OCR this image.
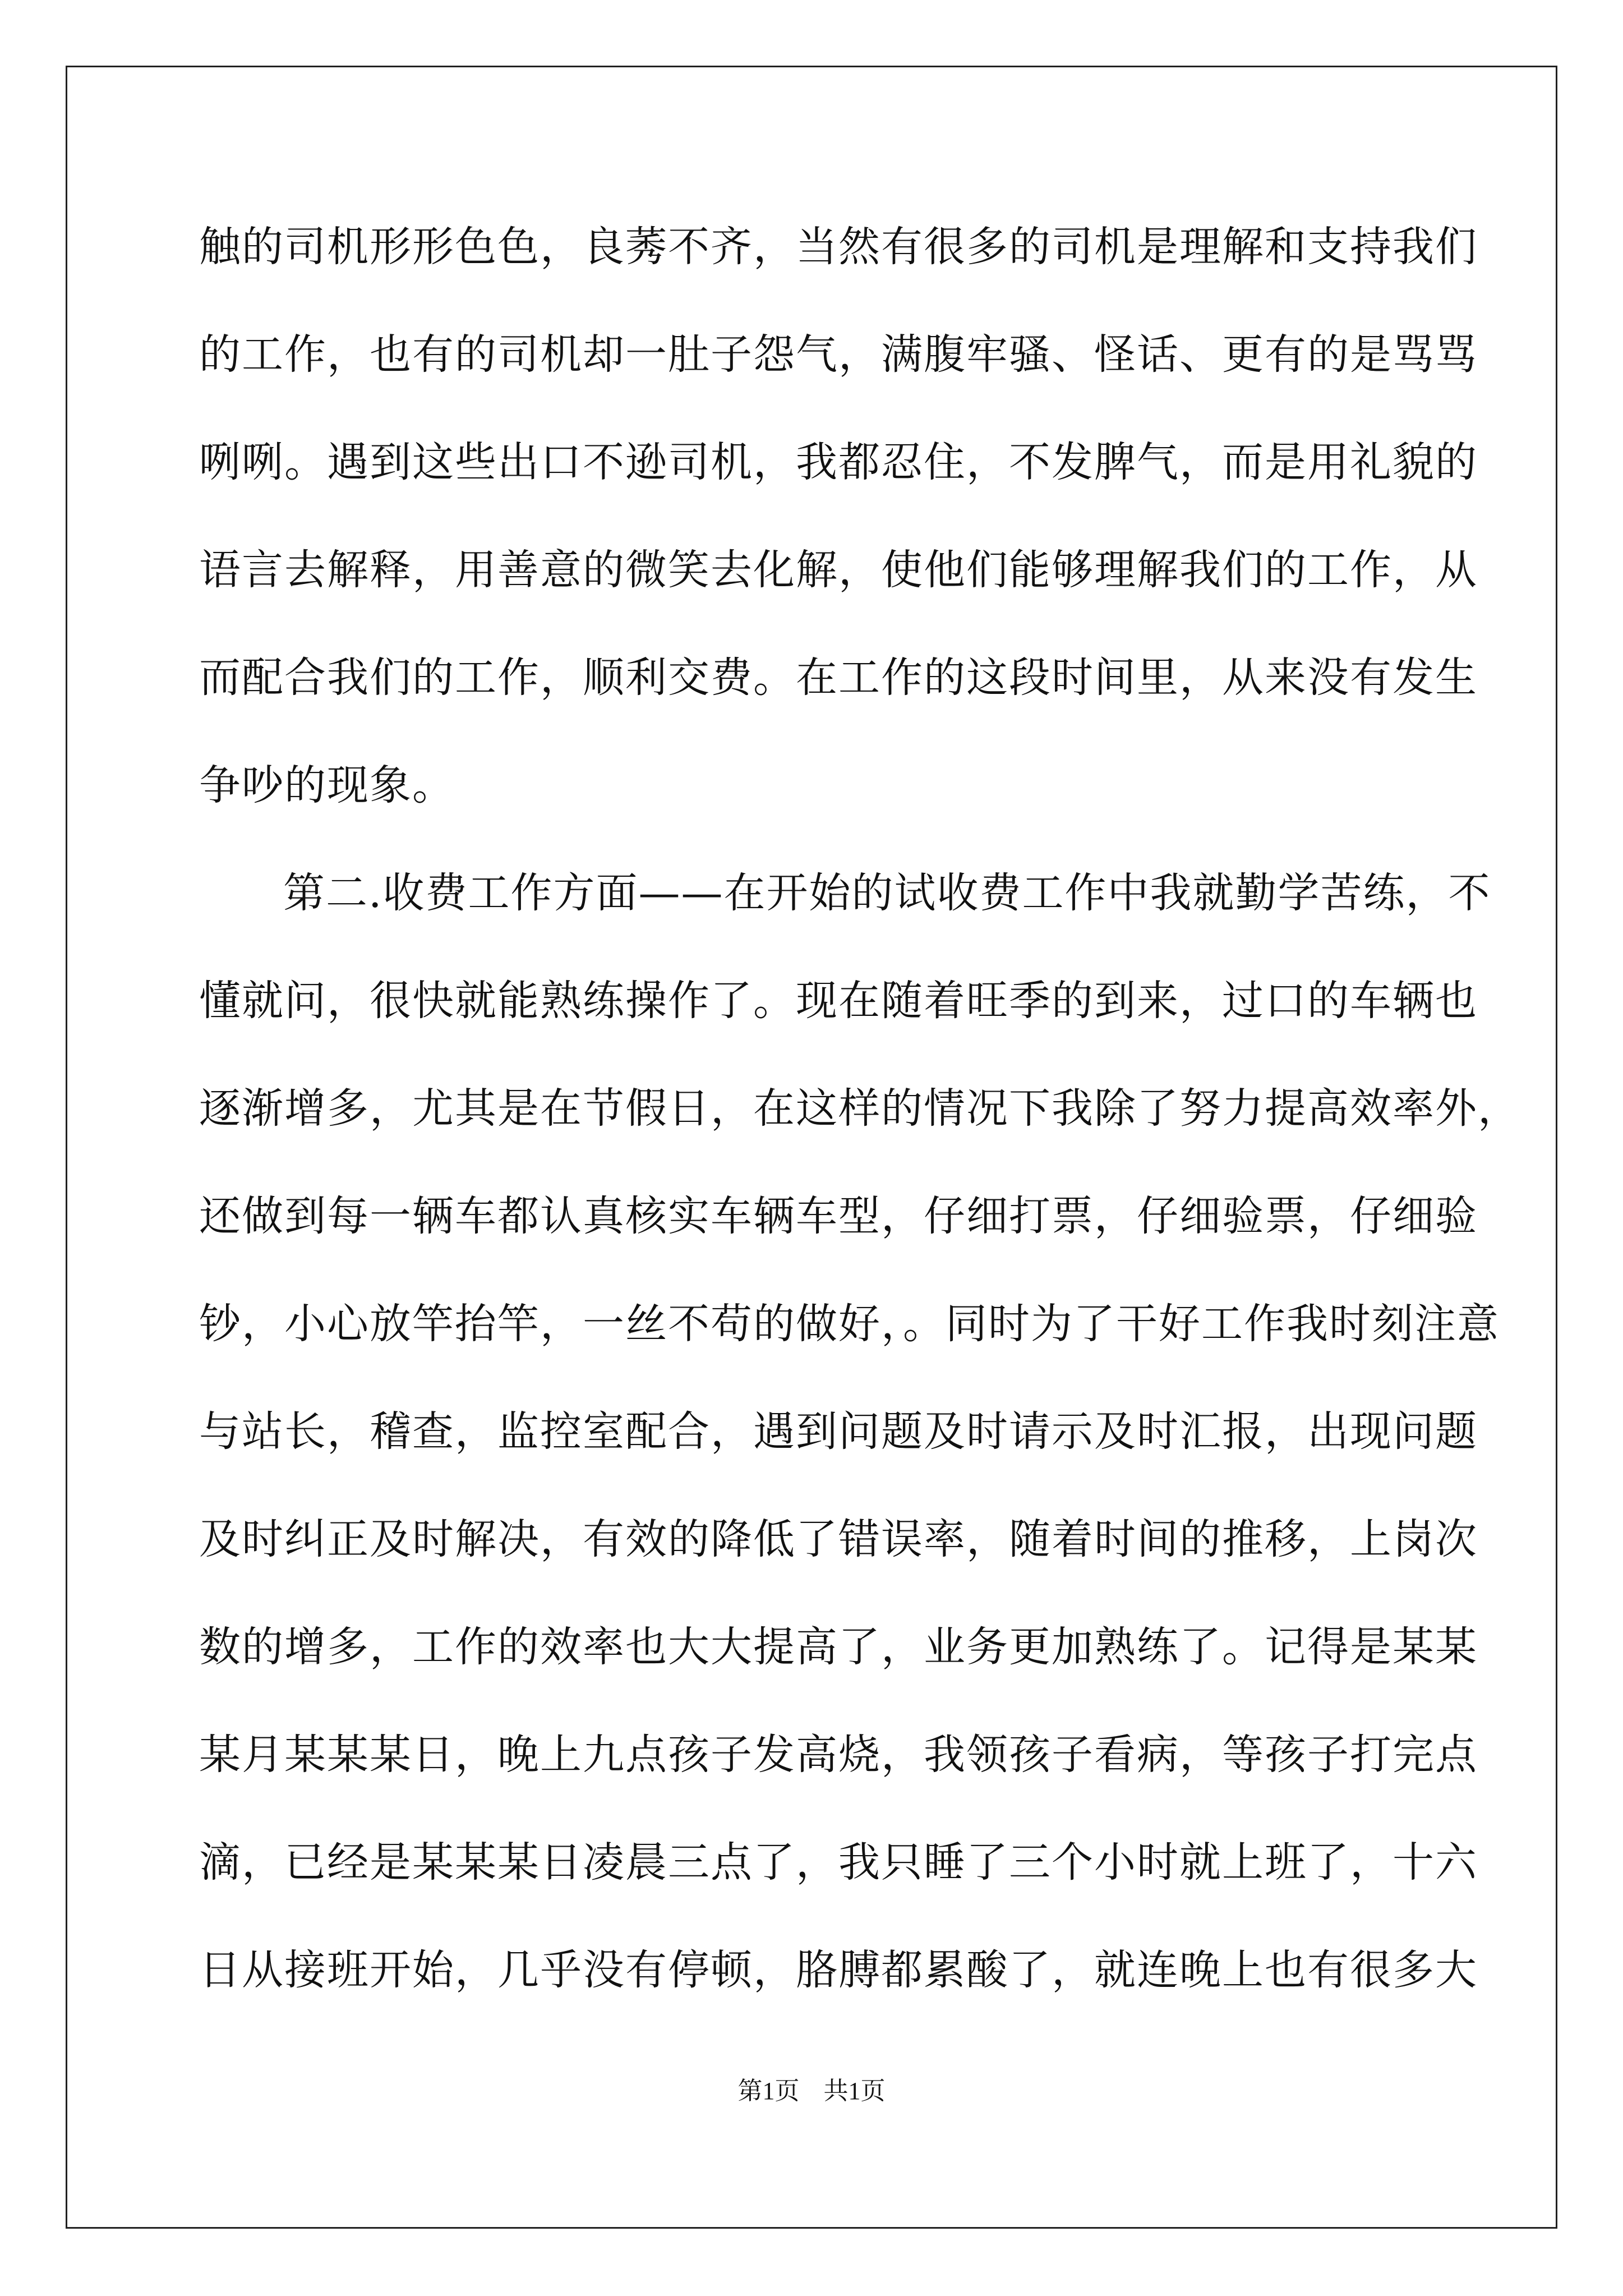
第1页 共1页
触的司机形形色色，良莠不齐，当然有很多的司机是理解和支持我们
的工作，也有的司机却一肚子怨气，满腹牢骚、怪话、更有的是骂骂
咧咧。遇到这些出口不逊司机，我都忍住，不发脾气，而是用礼貌的
语言去解释，用善意的微笑去化解，使他们能够理解我们的工作，从
而配合我们的工作，顺利交费。在工作的这段时间里，从来没有发生
争吵的现象。
第二.收费工作方面——在开始的试收费工作中我就勤学苦练，不
懂就问，很快就能熟练操作了。现在随着旺季的到来，过口的车辆也
逐渐增多，尤其是在节假日，在这样的情况下我除了努力提高效率外，
还做到每一辆车都认真核实车辆车型，仔细打票，仔细验票，仔细验
钞，小心放竿抬竿，一丝不苟的做好，。同时为了干好工作我时刻注意
与站长，稽查，监控室配合，遇到问题及时请示及时汇报，出现问题
及时纠正及时解决，有效的降低了错误率，随着时间的推移，上岗次
数的增多，工作的效率也大大提高了，业务更加熟练了。记得是某某
某月某某某日，晚上九点孩子发高烧，我领孩子看病，等孩子打完点
滴，已经是某某某日凌晨三点了，我只睡了三个小时就上班了，十六
日从接班开始，几乎没有停顿，胳膊都累酸了，就连晚上也有很多大
